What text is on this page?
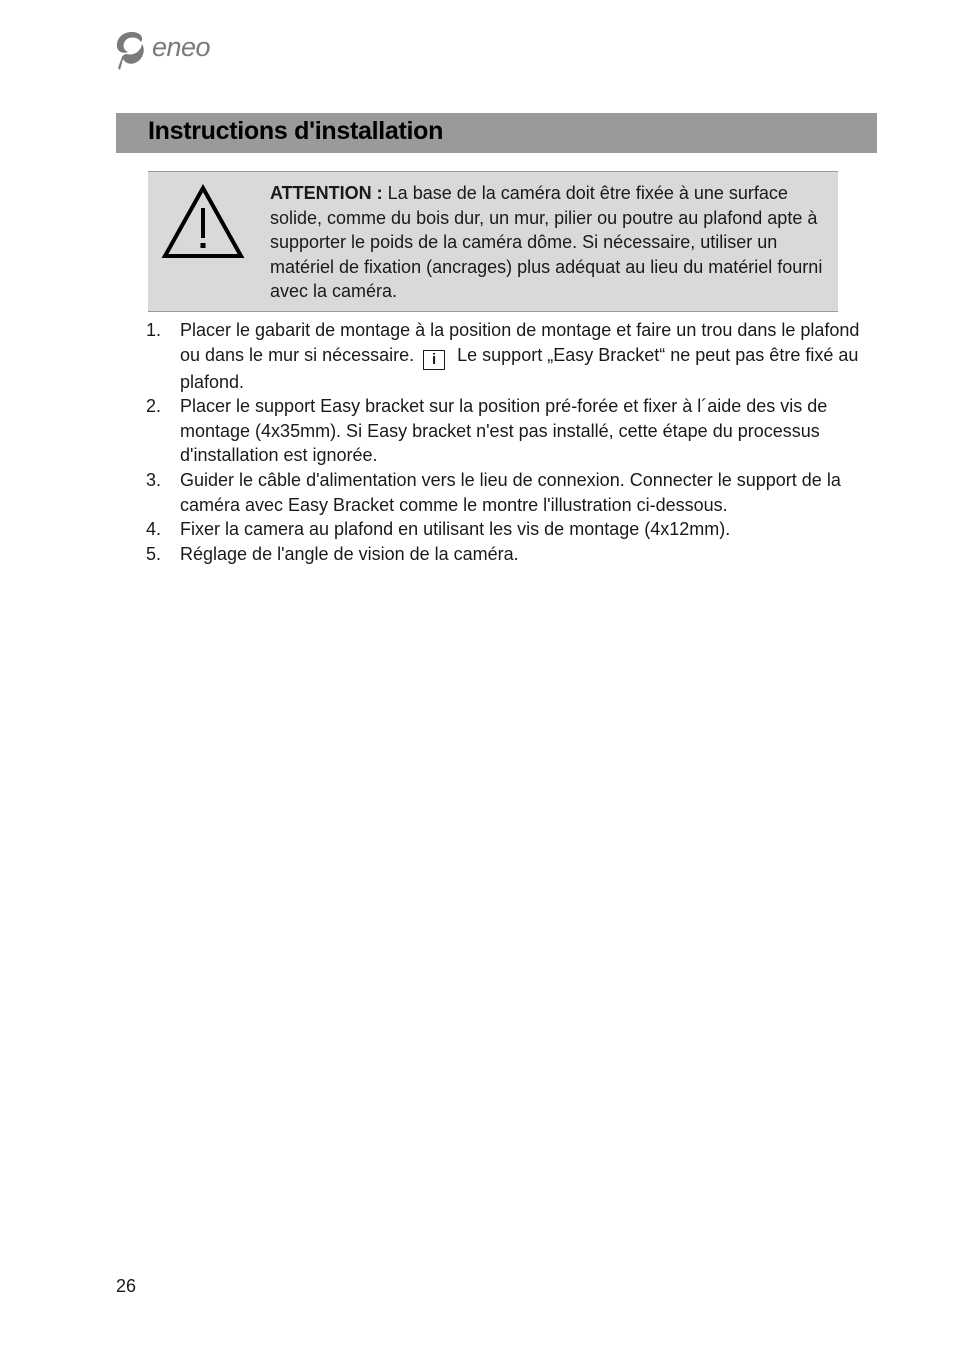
eneo
Instructions d'installation
ATTENTION : La base de la caméra doit être fixée à une surface solide, comme du bois dur, un mur, pilier ou poutre au plafond apte à supporter le poids de la caméra dôme. Si nécessaire, utiliser un matériel de fixation (ancrages) plus adéquat au lieu du matériel fourni avec la caméra.
1. Placer le gabarit de montage à la position de montage et faire un trou dans le plafond ou dans le mur si nécessaire. i Le support „Easy Bracket“ ne peut pas être fixé au plafond.
2. Placer le support Easy bracket sur la position pré-forée et fixer à l´aide des vis de montage (4x35mm). Si Easy bracket n'est pas installé, cette étape du processus d'installation est ignorée.
3. Guider le câble d'alimentation vers le lieu de connexion. Connecter le support de la caméra avec Easy Bracket comme le montre l'illustration ci-dessous.
4. Fixer la camera au plafond en utilisant les vis de montage (4x12mm).
5. Réglage de l'angle de vision de la caméra.
26
